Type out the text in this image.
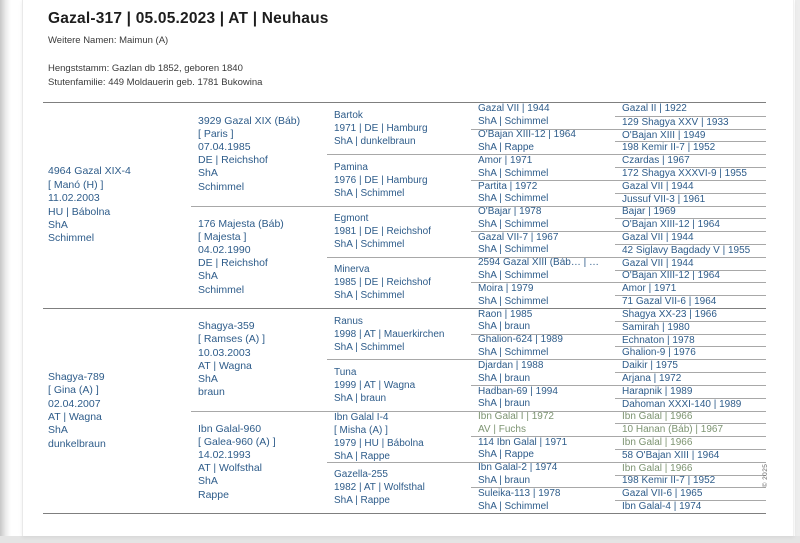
Gazal-317 | 05.05.2023 | AT | Neuhaus
Weitere Namen: Maimun (A)
Hengststamm: Gazlan db 1852, geboren 1840
Stutenfamilie: 449 Moldauerin geb. 1781 Bukowina
4964 Gazal XIX-4
[ Manó (H) ]
11.02.2003
HU | Bábolna
ShA
Schimmel
Shagya-789
[ Gina (A) ]
02.04.2007
AT | Wagna
ShA
dunkelbraun
3929 Gazal XIX (Báb)
[ Paris ]
07.04.1985
DE | Reichshof
ShA
Schimmel
176 Majesta (Báb)
[ Majesta ]
04.02.1990
DE | Reichshof
ShA
Schimmel
Shagya-359
[ Ramses (A) ]
10.03.2003
AT | Wagna
ShA
braun
Ibn Galal-960
[ Galea-960 (A) ]
14.02.1993
AT | Wolfsthal
ShA
Rappe
Bartok
1971 | DE | Hamburg
ShA | dunkelbraun
Pamina
1976 | DE | Hamburg
ShA | Schimmel
Egmont
1981 | DE | Reichshof
ShA | Schimmel
Minerva
1985 | DE | Reichshof
ShA | Schimmel
Ranus
1998 | AT | Mauerkirchen
ShA | Schimmel
Tuna
1999 | AT | Wagna
ShA | braun
Ibn Galal I-4
[ Misha (A) ]
1979 | HU | Bábolna
ShA | Rappe
Gazella-255
1982 | AT | Wolfsthal
ShA | Rappe
Gazal VII | 1944
ShA | Schimmel
O'Bajan XIII-12 | 1964
ShA | Rappe
Amor | 1971
ShA | Schimmel
Partita | 1972
ShA | Schimmel
O'Bajar | 1978
ShA | Schimmel
Gazal VII-7 | 1967
ShA | Schimmel
2594 Gazal XIII (Báb… | …
ShA | Schimmel
Moira | 1979
ShA | Schimmel
Raon | 1985
ShA | braun
Ghalion-624 | 1989
ShA | Schimmel
Djardan | 1988
ShA | braun
Hadban-69 | 1994
ShA | braun
Ibn Galal I | 1972
AV | Fuchs
114 Ibn Galal | 1971
ShA | Rappe
Ibn Galal-2 | 1974
ShA | braun
Suleika-113 | 1978
ShA | Schimmel
Gazal II | 1922
129 Shagya XXV | 1933
O'Bajan XIII | 1949
198 Kemir II-7 | 1952
Czardas | 1967
172 Shagya XXXVI-9 | 1955
Gazal VII | 1944
Jussuf VII-3 | 1961
Bajar | 1969
O'Bajan XIII-12 | 1964
Gazal VII | 1944
42 Siglavy Bagdady V | 1955
Gazal VII | 1944
O'Bajan XIII-12 | 1964
Amor | 1971
71 Gazal VII-6 | 1964
Shagya XX-23 | 1966
Samirah | 1980
Echnaton | 1978
Ghalion-9 | 1976
Daikir | 1975
Arjana | 1972
Harapnik | 1989
Dahoman XXXI-140 | 1989
Ibn Galal | 1966
10 Hanan (Báb) | 1967
Ibn Galal | 1966
58 O'Bajan XIII | 1964
Ibn Galal | 1966
198 Kemir II-7 | 1952
Gazal VII-6 | 1965
Ibn Galal-4 | 1974
© 2025
